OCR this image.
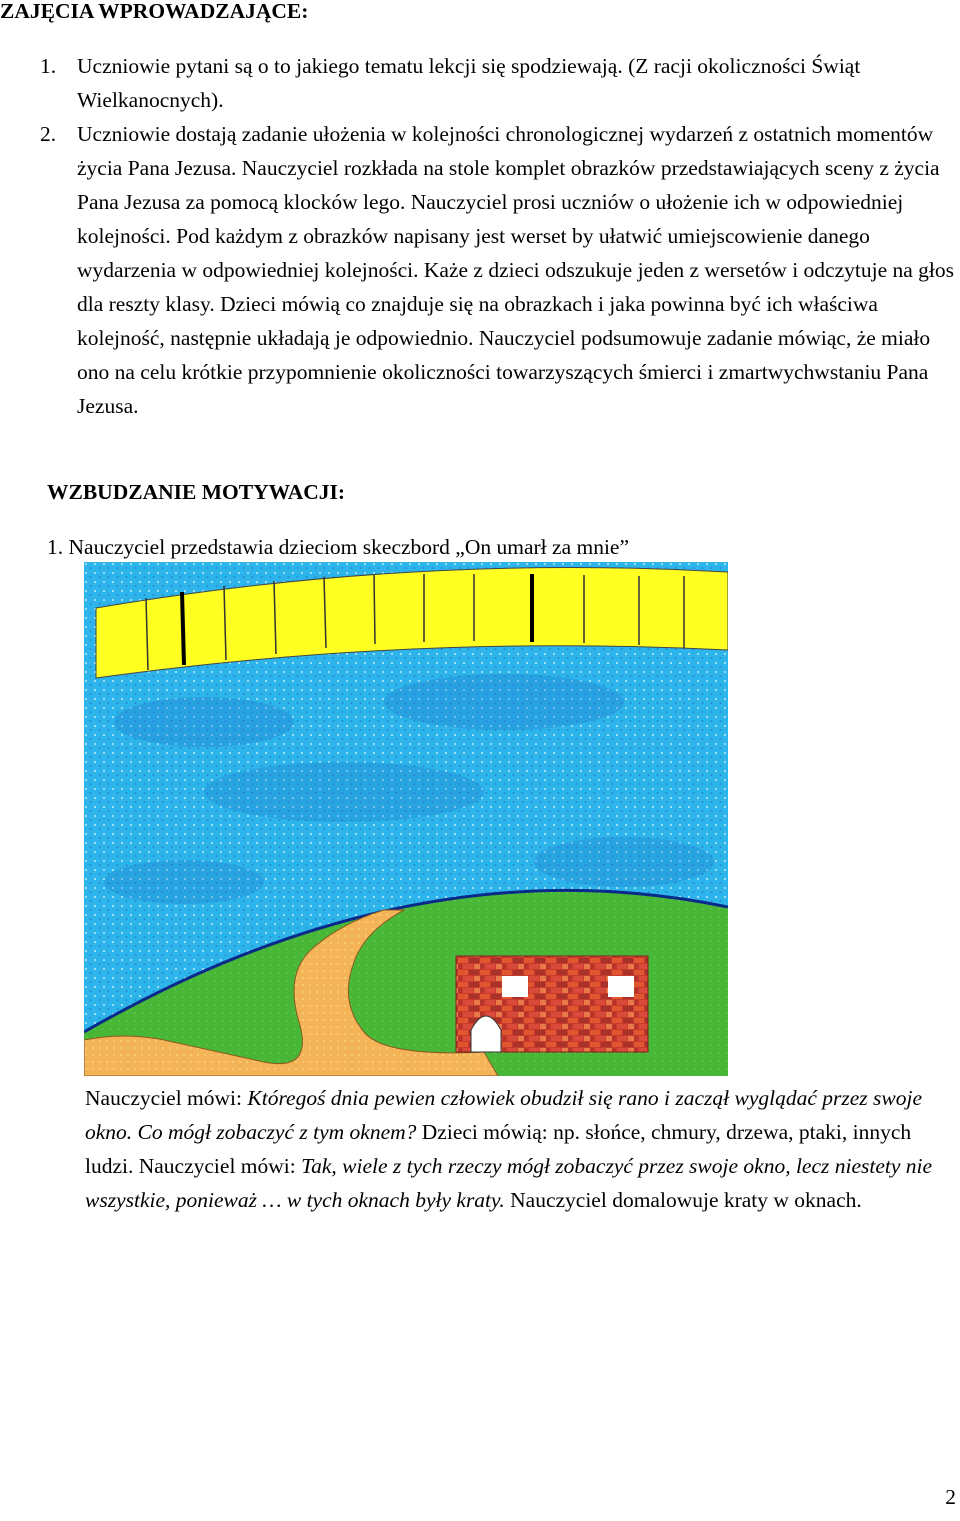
ZAJĘCIA WPROWADZAJĄCE:
1. Uczniowie pytani są o to jakiego tematu lekcji się spodziewają. (Z racji okoliczności Świąt Wielkanocnych).
2. Uczniowie dostają zadanie ułożenia w kolejności chronologicznej wydarzeń z ostatnich momentów życia Pana Jezusa. Nauczyciel rozkłada na stole komplet obrazków przedstawiających sceny z życia Pana Jezusa za pomocą klocków lego. Nauczyciel prosi uczniów o ułożenie ich w odpowiedniej kolejności. Pod każdym z obrazków napisany jest werset by ułatwić umiejscowienie danego wydarzenia w odpowiedniej kolejności. Każe z dzieci odszukuje jeden z wersetów i odczytuje na głos dla reszty klasy. Dzieci mówią co znajduje się na obrazkach i jaka powinna być ich właściwa kolejność, następnie układają je odpowiednio. Nauczyciel podsumowuje zadanie mówiąc, że miało ono na celu krótkie przypomnienie okoliczności towarzyszących śmierci i zmartwychwstaniu Pana Jezusa.
WZBUDZANIE MOTYWACJI:
1. Nauczyciel przedstawia dzieciom skeczbord „On umarł za mnie”
Nauczyciel mówi: Któregoś dnia pewien człowiek obudził się rano i zaczął wyglądać przez swoje okno. Co mógł zobaczyć z tym oknem? Dzieci mówią: np. słońce, chmury, drzewa, ptaki, innych ludzi. Nauczyciel mówi: Tak, wiele z tych rzeczy mógł zobaczyć przez swoje okno, lecz niestety nie wszystkie, ponieważ … w tych oknach były kraty. Nauczyciel domalowuje kraty w oknach.
2
